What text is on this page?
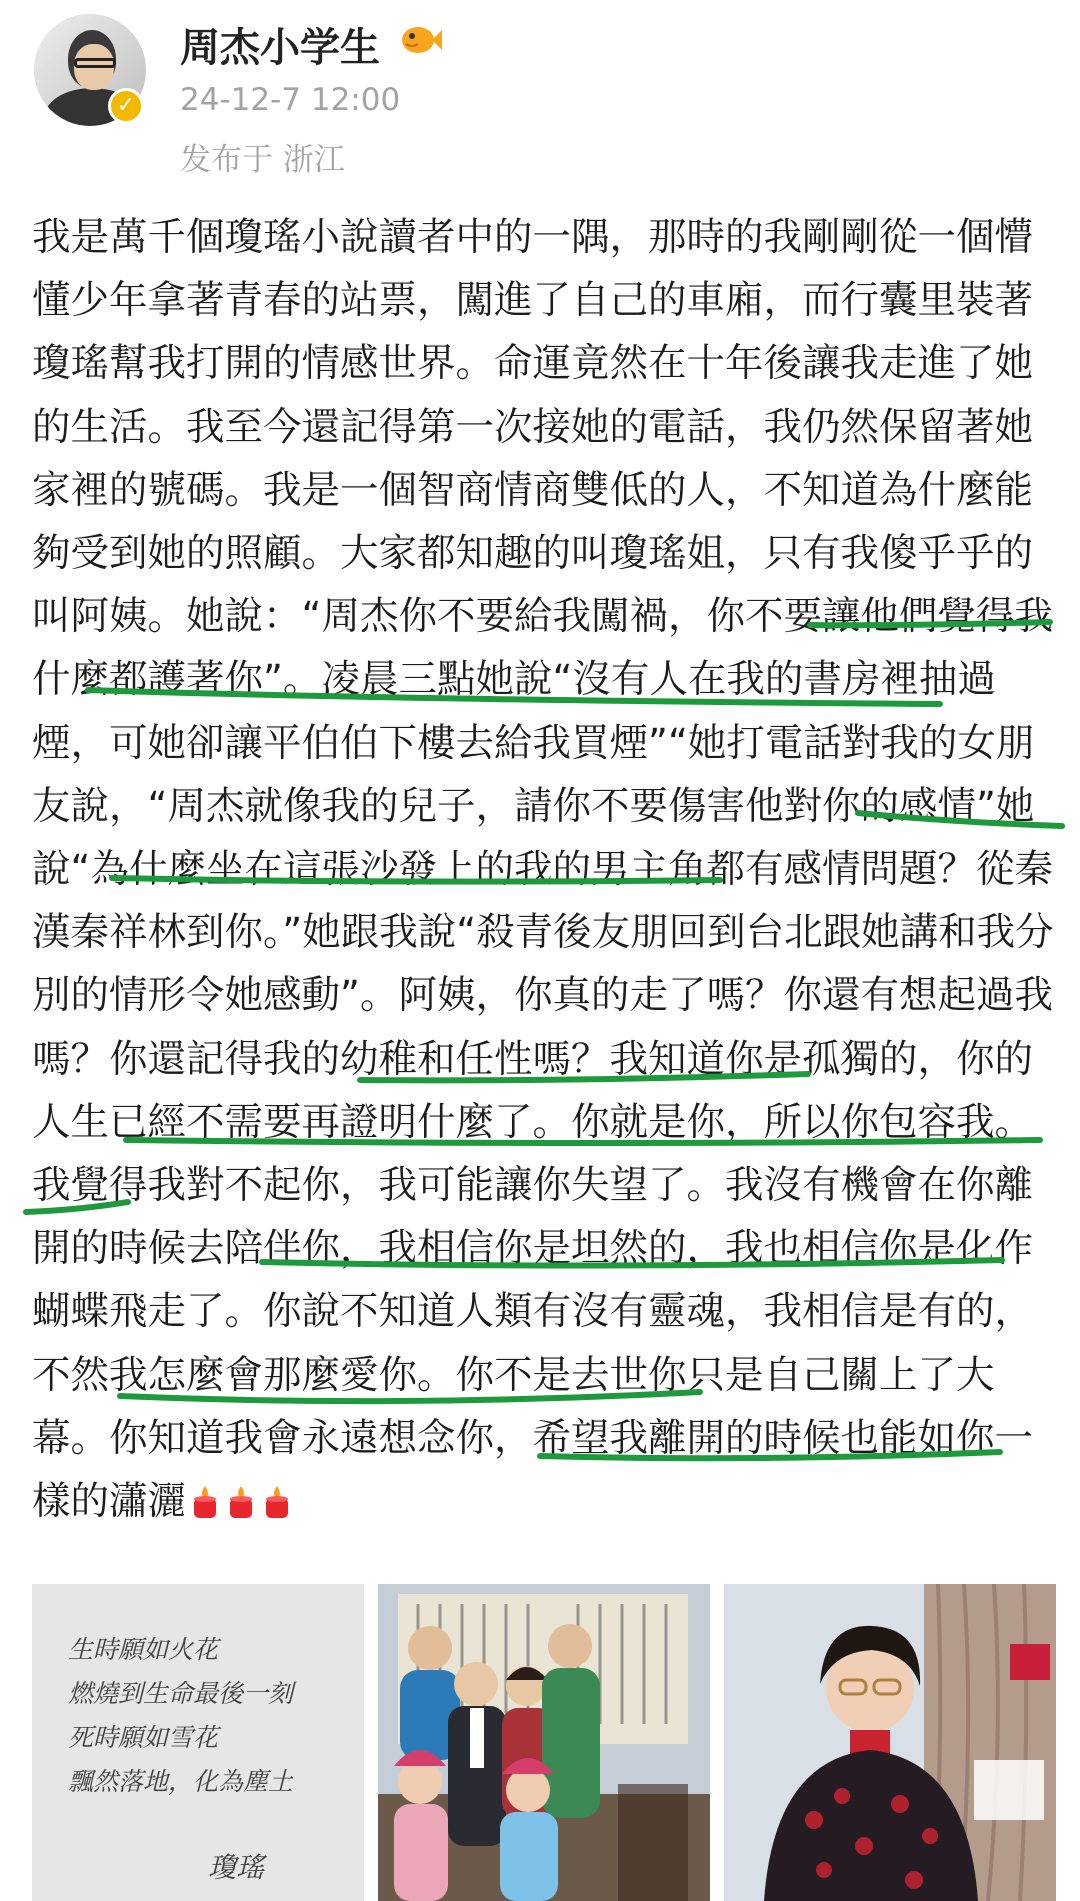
✓
周杰小学生
24-12-7 12:00
发布于 浙江
我是萬千個瓊瑤小說讀者中的一隅，那時的我剛剛從一個懵懂少年拿著青春的站票，闖進了自己的車廂，而行囊里裝著瓊瑤幫我打開的情感世界。命運竟然在十年後讓我走進了她的生活。我至今還記得第一次接她的電話，我仍然保留著她家裡的號碼。我是一個智商情商雙低的人，不知道為什麼能夠受到她的照顧。大家都知趣的叫瓊瑤姐，只有我傻乎乎的叫阿姨。她說：“周杰你不要給我闖禍，你不要讓他們覺得我什麼都護著你”。凌晨三點她說“沒有人在我的書房裡抽過煙，可她卻讓平伯伯下樓去給我買煙”“她打電話對我的女朋友說，“周杰就像我的兒子，請你不要傷害他對你的感情”她說“為什麼坐在這張沙發上的我的男主角都有感情問題？從秦漢秦祥林到你。”她跟我說“殺青後友朋回到台北跟她講和我分別的情形令她感動”。阿姨，你真的走了嗎？你還有想起過我嗎？你還記得我的幼稚和任性嗎？我知道你是孤獨的，你的人生已經不需要再證明什麼了。你就是你，所以你包容我。我覺得我對不起你，我可能讓你失望了。我沒有機會在你離開的時候去陪伴你，我相信你是坦然的，我也相信你是化作蝴蝶飛走了。你說不知道人類有沒有靈魂，我相信是有的，不然我怎麼會那麼愛你。你不是去世你只是自己關上了大幕。你知道我會永遠想念你，希望我離開的時候也能如你一樣的瀟灑
生時願如火花
燃燒到生命最後一刻
死時願如雪花
飄然落地，化為塵土
瓊瑤
